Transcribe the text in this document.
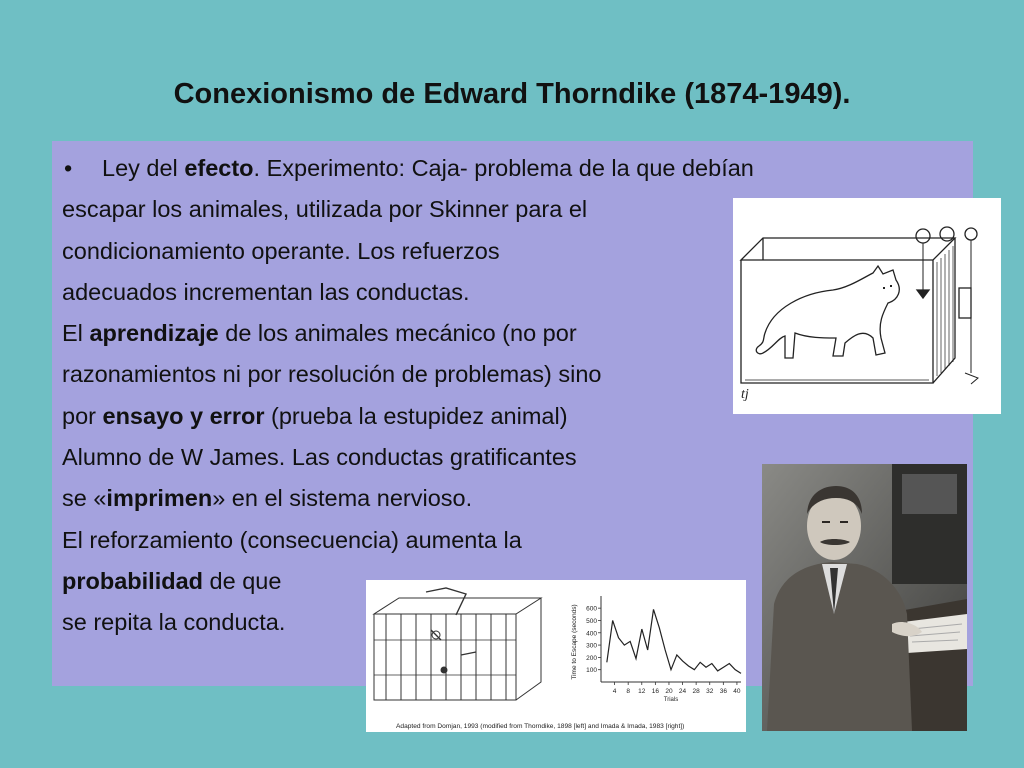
Conexionismo de Edward Thorndike (1874-1949).
• Ley del efecto. Experimento: Caja- problema de la que debían
escapar los animales, utilizada por Skinner para el
condicionamiento operante. Los refuerzos
adecuados incrementan las conductas.
El aprendizaje de los animales mecánico (no por
razonamientos ni por resolución de problemas) sino
por ensayo y error (prueba la estupidez animal)
Alumno de W James. Las conductas gratificantes
se «imprimen» en el sistema nervioso.
El reforzamiento (consecuencia) aumenta la
probabilidad de que
se repita la conducta.
tj
100
200
300
400
500
600
4 8 12 16 20 24 28 32 36 40
Trials
Time to Escape (seconds)
Adapted from Domjan, 1993 (modified from Thorndike, 1898 [left] and Imada & Imada, 1983 [right])
